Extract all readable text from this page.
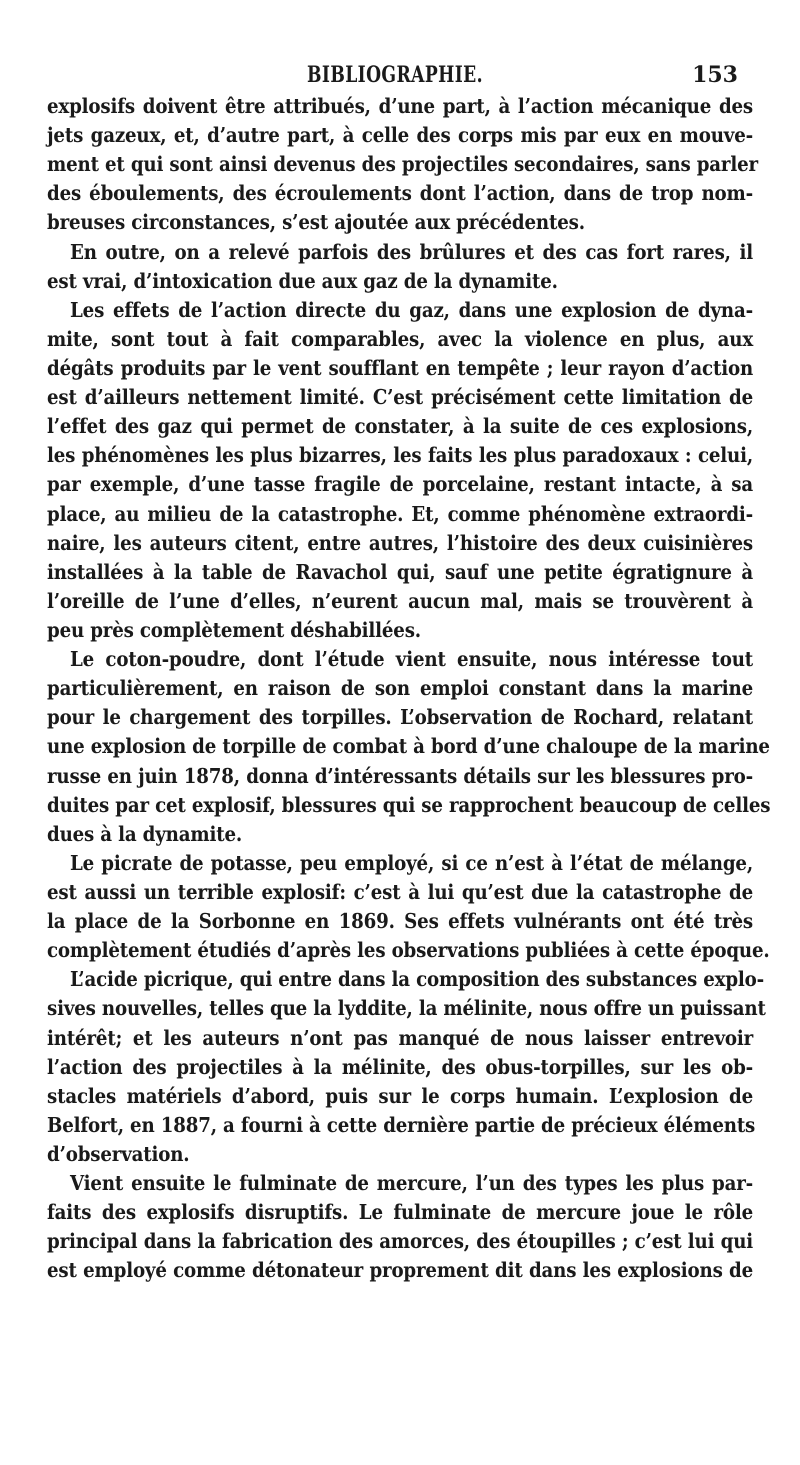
BIBLIOGRAPHIE.	153
explosifs doivent être attribués, d’une part, à l’action mécanique des
jets gazeux, et, d’autre part, à celle des corps mis par eux en mouve-
ment et qui sont ainsi devenus des projectiles secondaires, sans parler
des éboulements, des écroulements dont l’action, dans de trop nom-
breuses circonstances, s’est ajoutée aux précédentes.
En outre, on a relevé parfois des brûlures et des cas fort rares, il
est vrai, d’intoxication due aux gaz de la dynamite.
Les effets de l’action directe du gaz, dans une explosion de dyna-
mite, sont tout à fait comparables, avec la violence en plus, aux
dégâts produits par le vent soufflant en tempête ; leur rayon d’action
est d’ailleurs nettement limité. C’est précisément cette limitation de
l’effet des gaz qui permet de constater, à la suite de ces explosions,
les phénomènes les plus bizarres, les faits les plus paradoxaux : celui,
par exemple, d’une tasse fragile de porcelaine, restant intacte, à sa
place, au milieu de la catastrophe. Et, comme phénomène extraordi-
naire, les auteurs citent, entre autres, l’histoire des deux cuisinières
installées à la table de Ravachol qui, sauf une petite égratignure à
l’oreille de l’une d’elles, n’eurent aucun mal, mais se trouvèrent à
peu près complètement déshabillées.
Le coton-poudre, dont l’étude vient ensuite, nous intéresse tout
particulièrement, en raison de son emploi constant dans la marine
pour le chargement des torpilles. L’observation de Rochard, relatant
une explosion de torpille de combat à bord d’une chaloupe de la marine
russe en juin 1878, donna d’intéressants détails sur les blessures pro-
duites par cet explosif, blessures qui se rapprochent beaucoup de celles
dues à la dynamite.
Le picrate de potasse, peu employé, si ce n’est à l’état de mélange,
est aussi un terrible explosif: c’est à lui qu’est due la catastrophe de
la place de la Sorbonne en 1869. Ses effets vulnérants ont été très
complètement étudiés d’après les observations publiées à cette époque.
L’acide picrique, qui entre dans la composition des substances explo-
sives nouvelles, telles que la lyddite, la mélinite, nous offre un puissant
intérêt; et les auteurs n’ont pas manqué de nous laisser entrevoir
l’action des projectiles à la mélinite, des obus-torpilles, sur les ob-
stacles matériels d’abord, puis sur le corps humain. L’explosion de
Belfort, en 1887, a fourni à cette dernière partie de précieux éléments
d’observation.
Vient ensuite le fulminate de mercure, l’un des types les plus par-
faits des explosifs disruptifs. Le fulminate de mercure joue le rôle
principal dans la fabrication des amorces, des étoupilles ; c’est lui qui
est employé comme détonateur proprement dit dans les explosions de
